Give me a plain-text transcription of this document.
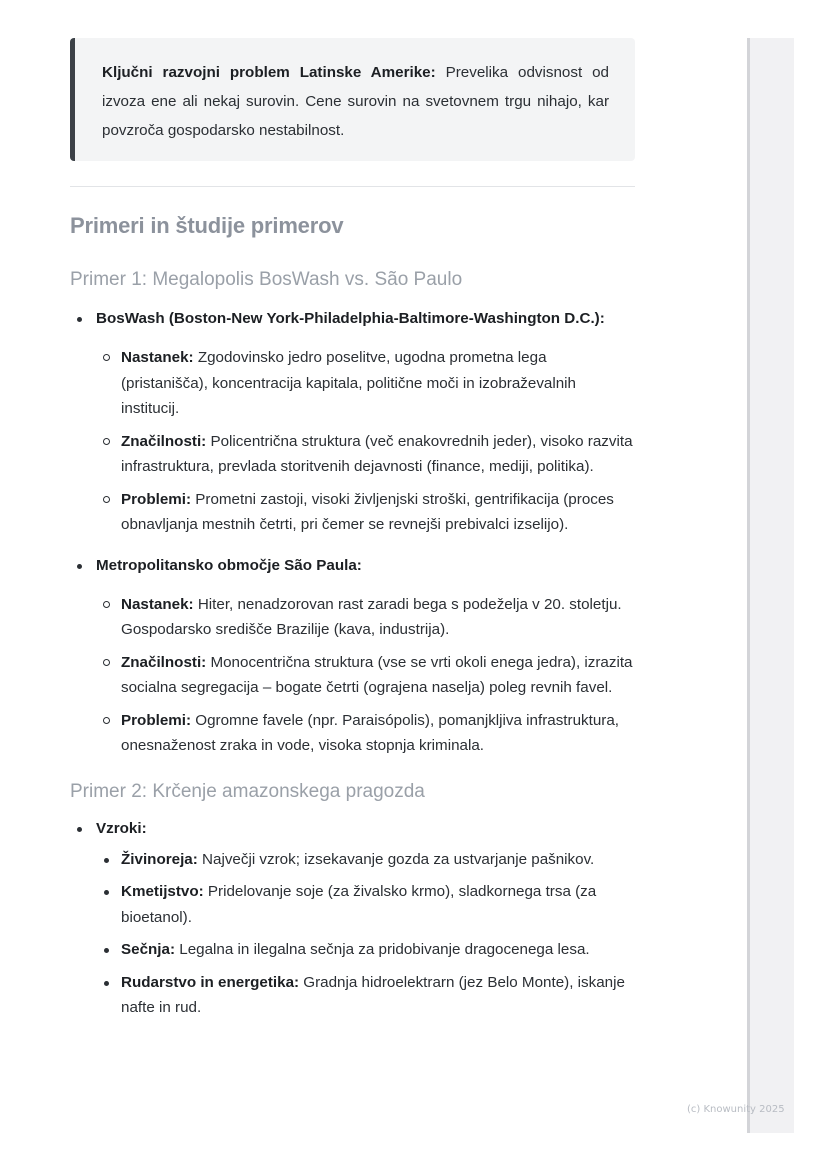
(c) Knowunity 2025
Ključni razvojni problem Latinske Amerike: Prevelika odvisnost od izvoza ene ali nekaj surovin. Cene surovin na svetovnem trgu nihajo, kar povzroča gospodarsko nestabilnost.
Primeri in študije primerov
Primer 1: Megalopolis BosWash vs. São Paulo
BosWash (Boston-New York-Philadelphia-Baltimore-Washington D.C.):
Nastanek: Zgodovinsko jedro poselitve, ugodna prometna lega (pristanišča), koncentracija kapitala, politične moči in izobraževalnih institucij.
Značilnosti: Policentrična struktura (več enakovrednih jeder), visoko razvita infrastruktura, prevlada storitvenih dejavnosti (finance, mediji, politika).
Problemi: Prometni zastoji, visoki življenjski stroški, gentrifikacija (proces obnavljanja mestnih četrti, pri čemer se revnejši prebivalci izselijo).
Metropolitansko območje São Paula:
Nastanek: Hiter, nenadzorovan rast zaradi bega s podeželja v 20. stoletju. Gospodarsko središče Brazilije (kava, industrija).
Značilnosti: Monocentrična struktura (vse se vrti okoli enega jedra), izrazita socialna segregacija – bogate četrti (ograjena naselja) poleg revnih favel.
Problemi: Ogromne favele (npr. Paraisópolis), pomanjkljiva infrastruktura, onesnaženost zraka in vode, visoka stopnja kriminala.
Primer 2: Krčenje amazonskega pragozda
Vzroki:
Živinoreja: Največji vzrok; izsekavanje gozda za ustvarjanje pašnikov.
Kmetijstvo: Pridelovanje soje (za živalsko krmo), sladkornega trsa (za bioetanol).
Sečnja: Legalna in ilegalna sečnja za pridobivanje dragocenega lesa.
Rudarstvo in energetika: Gradnja hidroelektrarn (jez Belo Monte), iskanje nafte in rud.
